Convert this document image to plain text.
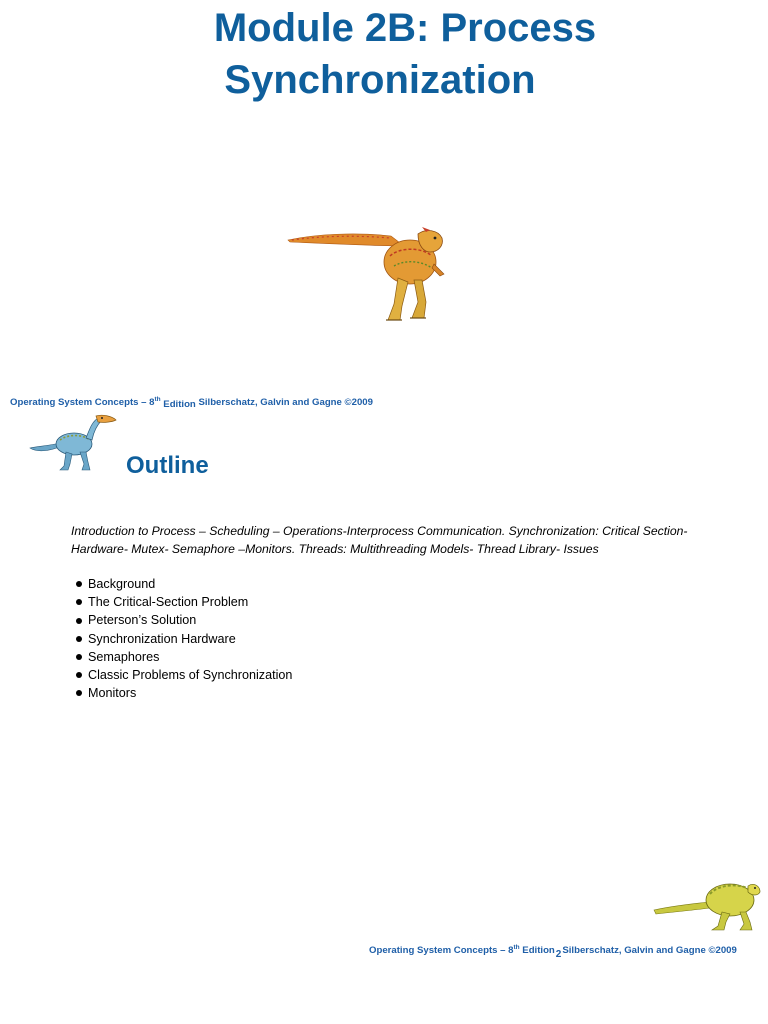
Module 2B: Process
Synchronization
Operating System Concepts – 8th Edition Silberschatz, Galvin and Gagne ©2009
Outline

Introduction to Process – Scheduling – Operations-Interprocess Communication. Synchronization: Critical Section-Hardware- Mutex- Semaphore –Monitors. Threads: Multithreading Models- Thread Library- Issues

Background
The Critical-Section Problem
Peterson’s Solution
Synchronization Hardware
Semaphores
Classic Problems of Synchronization
Monitors
Operating System Concepts – 8th Edition2Silberschatz, Galvin and Gagne ©2009
